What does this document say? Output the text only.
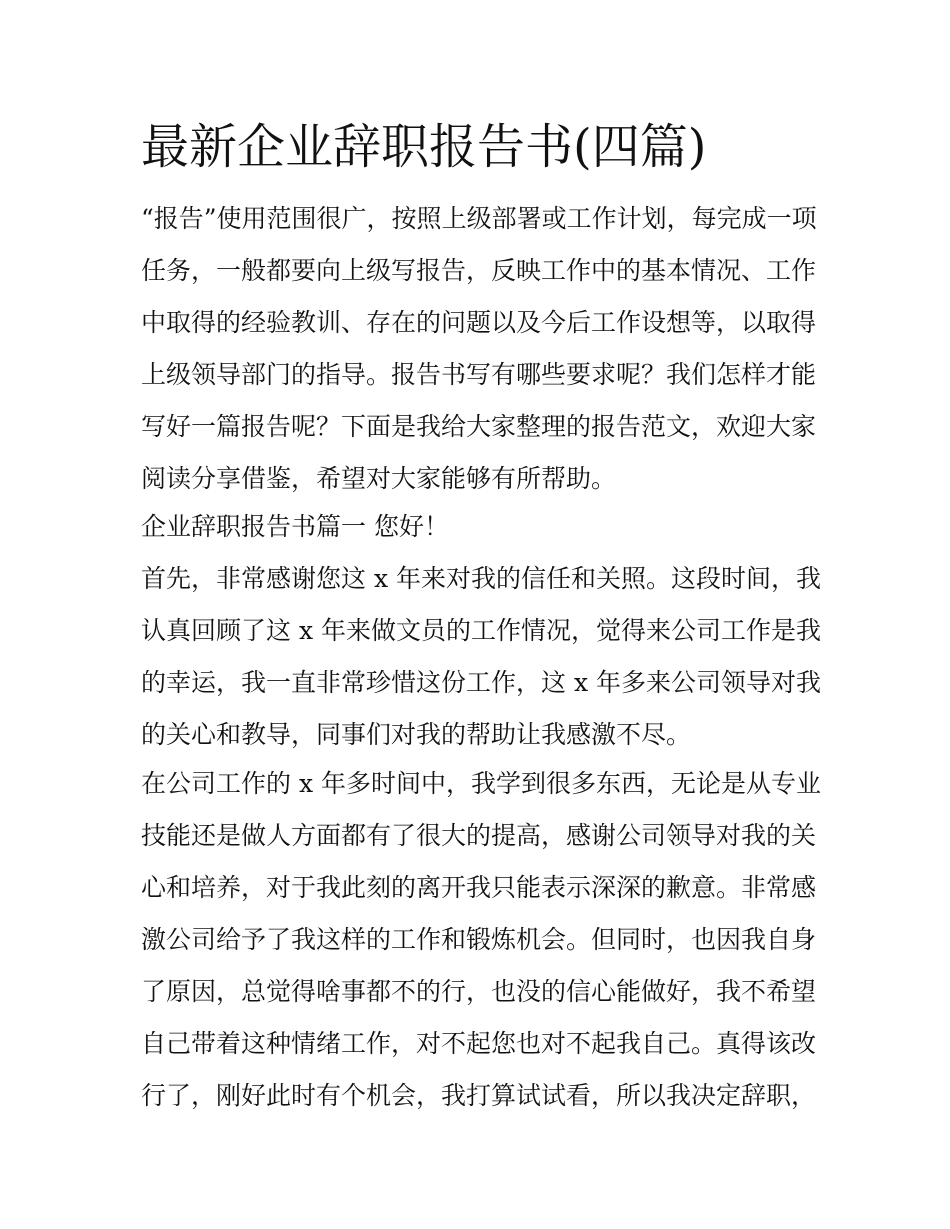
最新企业辞职报告书(四篇)

“报告”使用范围很广，按照上级部署或工作计划，每完成一项

任务，一般都要向上级写报告，反映工作中的基本情况、工作

中取得的经验教训、存在的问题以及今后工作设想等，以取得

上级领导部门的指导。报告书写有哪些要求呢？我们怎样才能

写好一篇报告呢？下面是我给大家整理的报告范文，欢迎大家

阅读分享借鉴，希望对大家能够有所帮助。

企业辞职报告书篇一 您好！

首先，非常感谢您这 x 年来对我的信任和关照。这段时间，我

认真回顾了这 x 年来做文员的工作情况，觉得来公司工作是我

的幸运，我一直非常珍惜这份工作，这 x 年多来公司领导对我

的关心和教导，同事们对我的帮助让我感激不尽。

在公司工作的 x 年多时间中，我学到很多东西，无论是从专业

技能还是做人方面都有了很大的提高，感谢公司领导对我的关

心和培养，对于我此刻的离开我只能表示深深的歉意。非常感

激公司给予了我这样的工作和锻炼机会。但同时，也因我自身

了原因，总觉得啥事都不的行，也没的信心能做好，我不希望

自己带着这种情绪工作，对不起您也对不起我自己。真得该改

行了，刚好此时有个机会，我打算试试看，所以我决定辞职，
